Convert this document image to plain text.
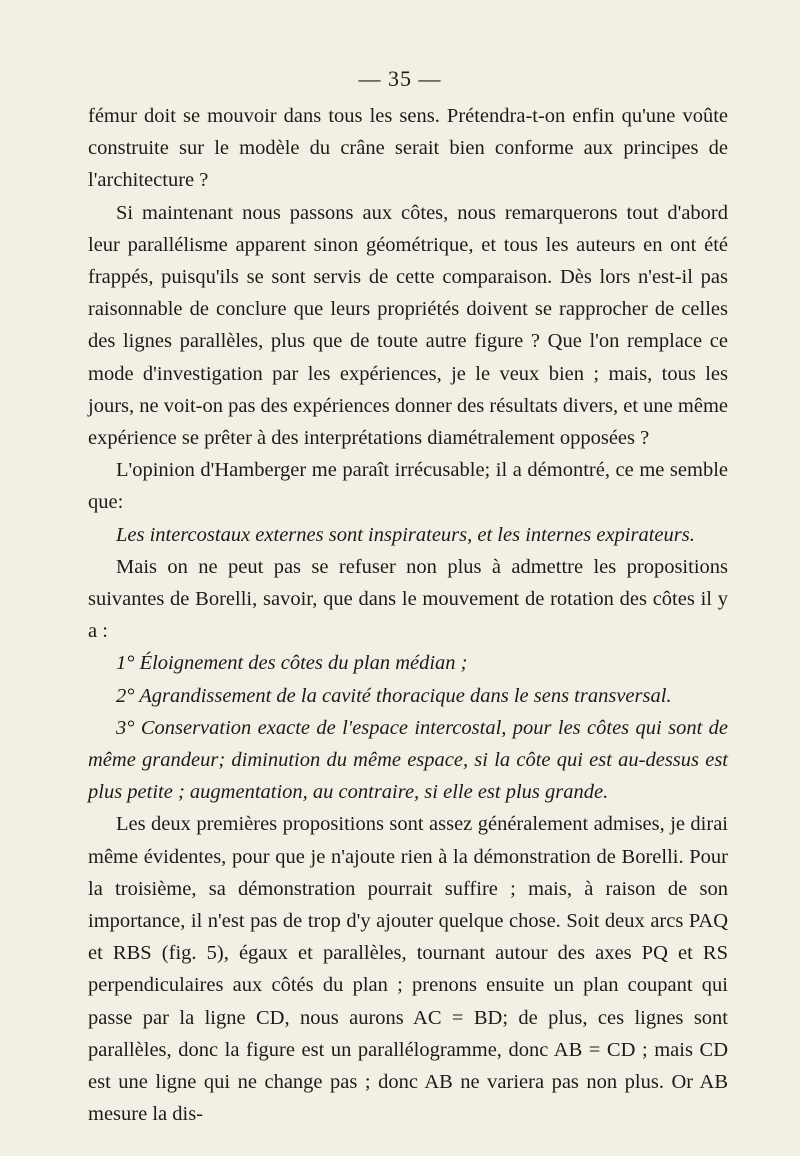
— 35 —

fémur doit se mouvoir dans tous les sens. Prétendra-t-on enfin qu'une voûte construite sur le modèle du crâne serait bien conforme aux principes de l'architecture ?

Si maintenant nous passons aux côtes, nous remarquerons tout d'abord leur parallélisme apparent sinon géométrique, et tous les auteurs en ont été frappés, puisqu'ils se sont servis de cette comparaison. Dès lors n'est-il pas raisonnable de conclure que leurs propriétés doivent se rapprocher de celles des lignes parallèles, plus que de toute autre figure ? Que l'on remplace ce mode d'investigation par les expériences, je le veux bien ; mais, tous les jours, ne voit-on pas des expériences donner des résultats divers, et une même expérience se prêter à des interprétations diamétralement opposées ?

L'opinion d'Hamberger me paraît irrécusable; il a démontré, ce me semble que:

Les intercostaux externes sont inspirateurs, et les internes expirateurs.

Mais on ne peut pas se refuser non plus à admettre les propositions suivantes de Borelli, savoir, que dans le mouvement de rotation des côtes il y a :

1° Éloignement des côtes du plan médian ;

2° Agrandissement de la cavité thoracique dans le sens transversal.

3° Conservation exacte de l'espace intercostal, pour les côtes qui sont de même grandeur; diminution du même espace, si la côte qui est au-dessus est plus petite ; augmentation, au contraire, si elle est plus grande.

Les deux premières propositions sont assez généralement admises, je dirai même évidentes, pour que je n'ajoute rien à la démonstration de Borelli. Pour la troisième, sa démonstration pourrait suffire ; mais, à raison de son importance, il n'est pas de trop d'y ajouter quelque chose. Soit deux arcs PAQ et RBS (fig. 5), égaux et parallèles, tournant autour des axes PQ et RS perpendiculaires aux côtés du plan ; prenons ensuite un plan coupant qui passe par la ligne CD, nous aurons AC = BD; de plus, ces lignes sont parallèles, donc la figure est un parallélogramme, donc AB = CD ; mais CD est une ligne qui ne change pas ; donc AB ne variera pas non plus. Or AB mesure la dis-
